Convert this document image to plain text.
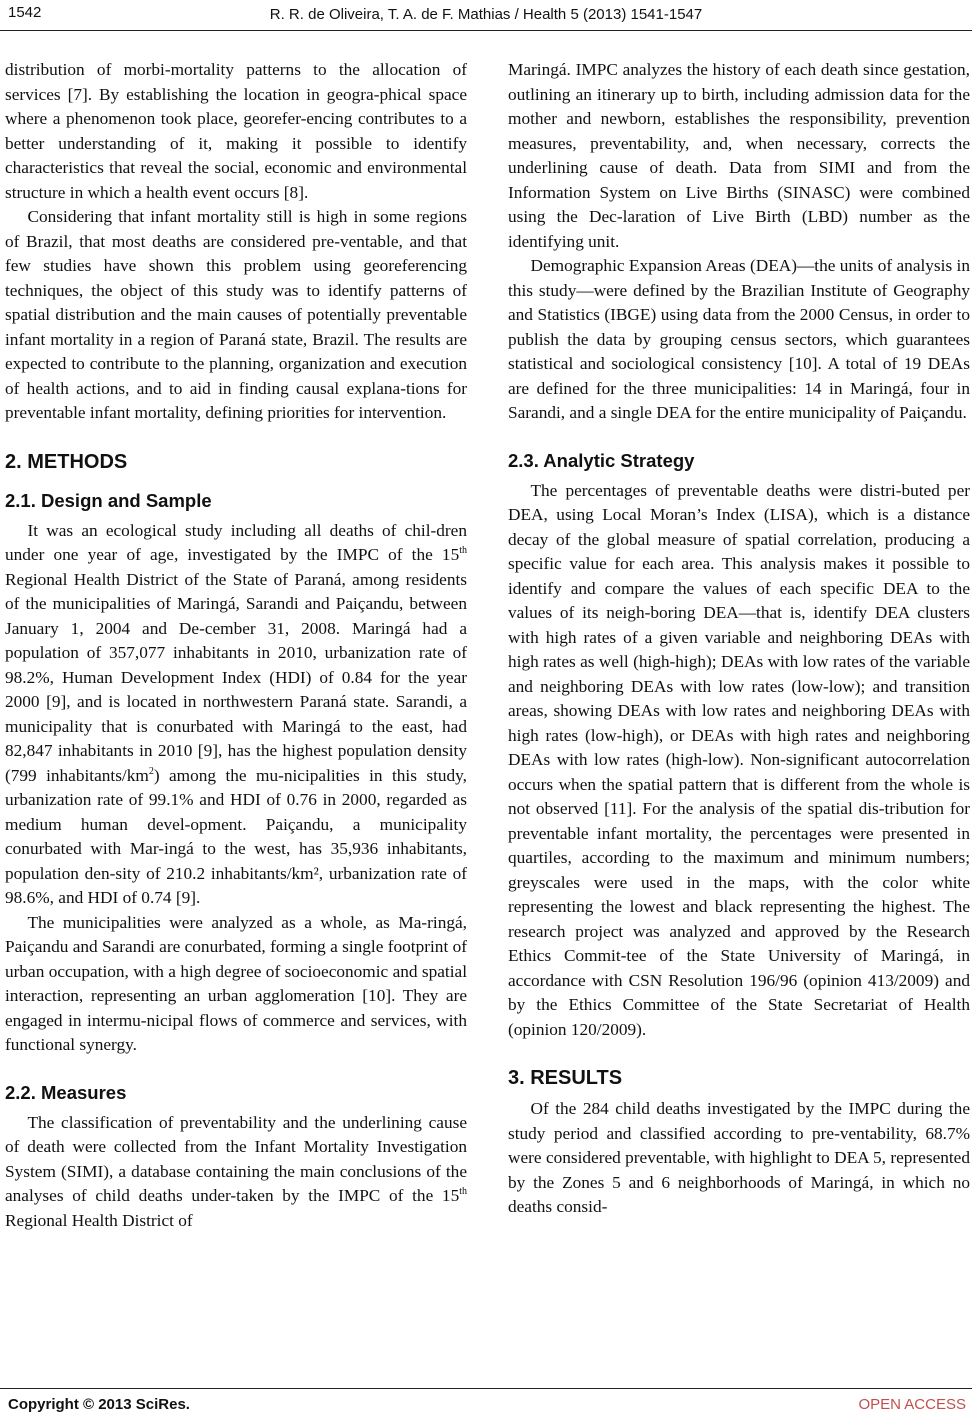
1542	R. R. de Oliveira, T. A. de F. Mathias / Health 5 (2013) 1541-1547

distribution of morbi-mortality patterns to the allocation of services [7]. By establishing the location in geogra-phical space where a phenomenon took place, georefer-encing contributes to a better understanding of it, making it possible to identify characteristics that reveal the social, economic and environmental structure in which a health event occurs [8].

Considering that infant mortality still is high in some regions of Brazil, that most deaths are considered pre-ventable, and that few studies have shown this problem using georeferencing techniques, the object of this study was to identify patterns of spatial distribution and the main causes of potentially preventable infant mortality in a region of Paraná state, Brazil. The results are expected to contribute to the planning, organization and execution of health actions, and to aid in finding causal explana-tions for preventable infant mortality, defining priorities for intervention.

2. METHODS
2.1. Design and Sample

It was an ecological study including all deaths of chil-dren under one year of age, investigated by the IMPC of the 15th Regional Health District of the State of Paraná, among residents of the municipalities of Maringá, Sarandi and Paiçandu, between January 1, 2004 and De-cember 31, 2008. Maringá had a population of 357,077 inhabitants in 2010, urbanization rate of 98.2%, Human Development Index (HDI) of 0.84 for the year 2000 [9], and is located in northwestern Paraná state. Sarandi, a municipality that is conurbated with Maringá to the east, had 82,847 inhabitants in 2010 [9], has the highest population density (799 inhabitants/$km^2$) among the mu-nicipalities in this study, urbanization rate of 99.1% and HDI of 0.76 in 2000, regarded as medium human devel-opment. Paiçandu, a municipality conurbated with Mar-ingá to the west, has 35,936 inhabitants, population den-sity of 210.2 inhabitants/km², urbanization rate of 98.6%, and HDI of 0.74 [9].

The municipalities were analyzed as a whole, as Ma-ringá, Paiçandu and Sarandi are conurbated, forming a single footprint of urban occupation, with a high degree of socioeconomic and spatial interaction, representing an urban agglomeration [10]. They are engaged in intermu-nicipal flows of commerce and services, with functional synergy.

2.2. Measures

The classification of preventability and the underlining cause of death were collected from the Infant Mortality Investigation System (SIMI), a database containing the main conclusions of the analyses of child deaths under-taken by the IMPC of the 15th Regional Health District of

Maringá. IMPC analyzes the history of each death since gestation, outlining an itinerary up to birth, including admission data for the mother and newborn, establishes the responsibility, prevention measures, preventability, and, when necessary, corrects the underlining cause of death. Data from SIMI and from the Information System on Live Births (SINASC) were combined using the Dec-laration of Live Birth (LBD) number as the identifying unit.

Demographic Expansion Areas (DEA)—the units of analysis in this study—were defined by the Brazilian Institute of Geography and Statistics (IBGE) using data from the 2000 Census, in order to publish the data by grouping census sectors, which guarantees statistical and sociological consistency [10]. A total of 19 DEAs are defined for the three municipalities: 14 in Maringá, four in Sarandi, and a single DEA for the entire municipality of Paiçandu.

2.3. Analytic Strategy

The percentages of preventable deaths were distri-buted per DEA, using Local Moran’s Index (LISA), which is a distance decay of the global measure of spatial correlation, producing a specific value for each area. This analysis makes it possible to identify and compare the values of each specific DEA to the values of its neigh-boring DEA—that is, identify DEA clusters with high rates of a given variable and neighboring DEAs with high rates as well (high-high); DEAs with low rates of the variable and neighboring DEAs with low rates (low-low); and transition areas, showing DEAs with low rates and neighboring DEAs with high rates (low-high), or DEAs with high rates and neighboring DEAs with low rates (high-low). Non-significant autocorrelation occurs when the spatial pattern that is different from the whole is not observed [11]. For the analysis of the spatial dis-tribution for preventable infant mortality, the percentages were presented in quartiles, according to the maximum and minimum numbers; greyscales were used in the maps, with the color white representing the lowest and black representing the highest. The research project was analyzed and approved by the Research Ethics Commit-tee of the State University of Maringá, in accordance with CSN Resolution 196/96 (opinion 413/2009) and by the Ethics Committee of the State Secretariat of Health (opinion 120/2009).

3. RESULTS

Of the 284 child deaths investigated by the IMPC during the study period and classified according to pre-ventability, 68.7% were considered preventable, with highlight to DEA 5, represented by the Zones 5 and 6 neighborhoods of Maringá, in which no deaths consid-

Copyright © 2013 SciRes.	OPEN ACCESS
